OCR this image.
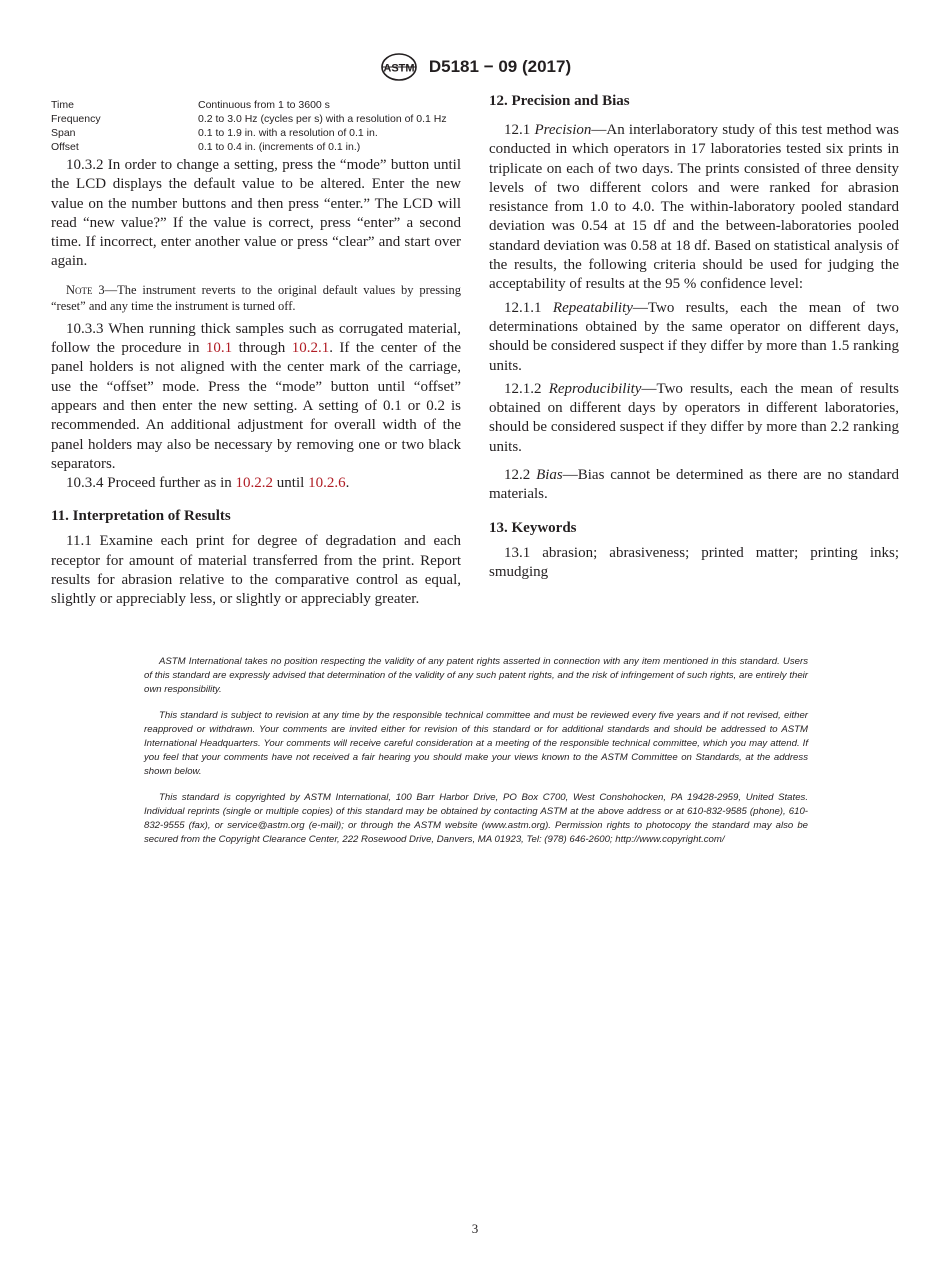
ASTM D5181 − 09 (2017)
Time	Continuous from 1 to 3600 s
Frequency	0.2 to 3.0 Hz (cycles per s) with a resolution of 0.1 Hz
Span	0.1 to 1.9 in. with a resolution of 0.1 in.
Offset	0.1 to 0.4 in. (increments of 0.1 in.)

10.3.2 In order to change a setting, press the “mode” button until the LCD displays the default value to be altered. Enter the new value on the number buttons and then press “enter.” The LCD will read “new value?” If the value is correct, press “enter” a second time. If incorrect, enter another value or press “clear” and start over again.

Note 3—The instrument reverts to the original default values by pressing “reset” and any time the instrument is turned off.

10.3.3 When running thick samples such as corrugated material, follow the procedure in 10.1 through 10.2.1. If the center of the panel holders is not aligned with the center mark of the carriage, use the “offset” mode. Press the “mode” button until “offset” appears and then enter the new setting. A setting of 0.1 or 0.2 is recommended. An additional adjustment for overall width of the panel holders may also be necessary by removing one or two black separators.

10.3.4 Proceed further as in 10.2.2 until 10.2.6.

11. Interpretation of Results

11.1 Examine each print for degree of degradation and each receptor for amount of material transferred from the print. Report results for abrasion relative to the comparative control as equal, slightly or appreciably less, or slightly or appreciably greater.

12. Precision and Bias

12.1 Precision—An interlaboratory study of this test method was conducted in which operators in 17 laboratories tested six prints in triplicate on each of two days. The prints consisted of three density levels of two different colors and were ranked for abrasion resistance from 1.0 to 4.0. The within-laboratory pooled standard deviation was 0.54 at 15 df and the between-laboratories pooled standard deviation was 0.58 at 18 df. Based on statistical analysis of the results, the following criteria should be used for judging the acceptability of results at the 95 % confidence level:

12.1.1 Repeatability—Two results, each the mean of two determinations obtained by the same operator on different days, should be considered suspect if they differ by more than 1.5 ranking units.

12.1.2 Reproducibility—Two results, each the mean of results obtained on different days by operators in different laboratories, should be considered suspect if they differ by more than 2.2 ranking units.

12.2 Bias—Bias cannot be determined as there are no standard materials.

13. Keywords

13.1 abrasion; abrasiveness; printed matter; printing inks; smudging

ASTM International takes no position respecting the validity of any patent rights asserted in connection with any item mentioned in this standard. Users of this standard are expressly advised that determination of the validity of any such patent rights, and the risk of infringement of such rights, are entirely their own responsibility.

This standard is subject to revision at any time by the responsible technical committee and must be reviewed every five years and if not revised, either reapproved or withdrawn. Your comments are invited either for revision of this standard or for additional standards and should be addressed to ASTM International Headquarters. Your comments will receive careful consideration at a meeting of the responsible technical committee, which you may attend. If you feel that your comments have not received a fair hearing you should make your views known to the ASTM Committee on Standards, at the address shown below.

This standard is copyrighted by ASTM International, 100 Barr Harbor Drive, PO Box C700, West Conshohocken, PA 19428-2959, United States. Individual reprints (single or multiple copies) of this standard may be obtained by contacting ASTM at the above address or at 610-832-9585 (phone), 610-832-9555 (fax), or service@astm.org (e-mail); or through the ASTM website (www.astm.org). Permission rights to photocopy the standard may also be secured from the Copyright Clearance Center, 222 Rosewood Drive, Danvers, MA 01923, Tel: (978) 646-2600; http://www.copyright.com/

3
